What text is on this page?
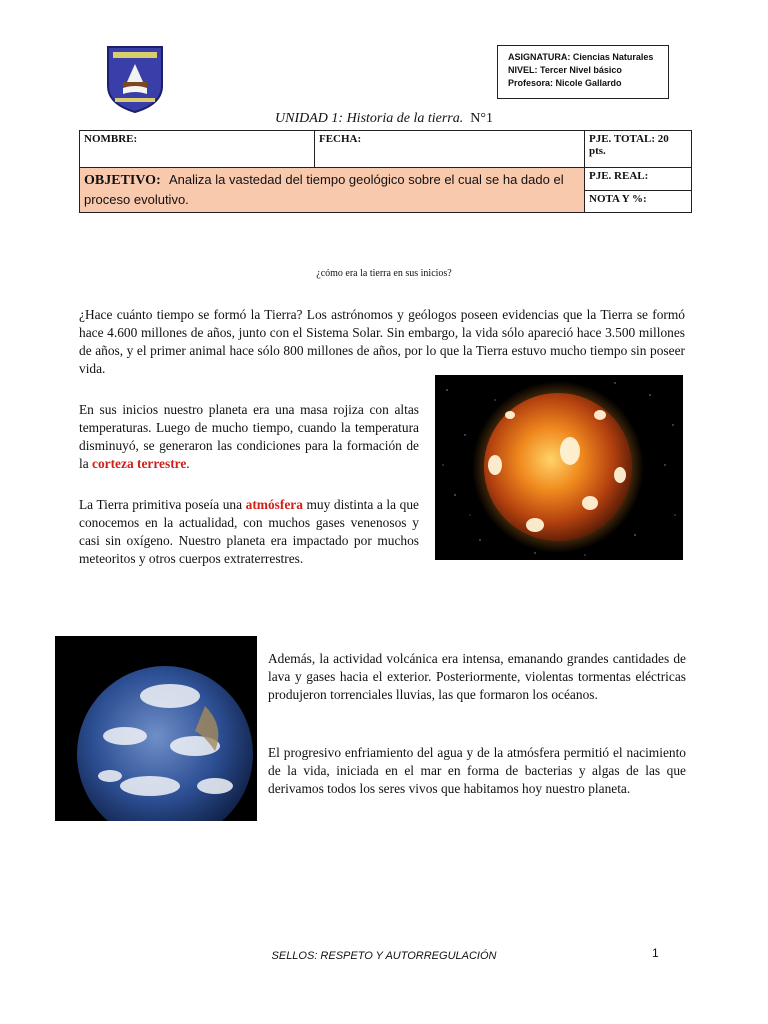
ASIGNATURA: Ciencias Naturales
NIVEL: Tercer Nivel básico
Profesora: Nicole Gallardo
UNIDAD 1: Historia de la tierra. N°1
NOMBRE:	FECHA:	PJE. TOTAL: 20 pts.
OBJETIVO: Analiza la vastedad del tiempo geológico sobre el cual se ha dado el proceso evolutivo.		PJE. REAL:
		NOTA Y %:
¿cómo era la tierra en sus inicios?
¿Hace cuánto tiempo se formó la Tierra? Los astrónomos y geólogos poseen evidencias que la Tierra se formó hace 4.600 millones de años, junto con el Sistema Solar. Sin embargo, la vida sólo apareció hace 3.500 millones de años, y el primer animal hace sólo 800 millones de años, por lo que la Tierra estuvo mucho tiempo sin poseer vida.
En sus inicios nuestro planeta era una masa rojiza con altas temperaturas. Luego de mucho tiempo, cuando la temperatura disminuyó, se generaron las condiciones para la formación de la corteza terrestre.
La Tierra primitiva poseía una atmósfera muy distinta a la que conocemos en la actualidad, con muchos gases venenosos y casi sin oxígeno. Nuestro planeta era impactado por muchos meteoritos y otros cuerpos extraterrestres.
Además, la actividad volcánica era intensa, emanando grandes cantidades de lava y gases hacia el exterior. Posteriormente, violentas tormentas eléctricas produjeron torrenciales lluvias, las que formaron los océanos.
El progresivo enfriamiento del agua y de la atmósfera permitió el nacimiento de la vida, iniciada en el mar en forma de bacterias y algas de las que derivamos todos los seres vivos que habitamos hoy nuestro planeta.
SELLOS: RESPETO Y AUTORREGULACIÓN	1
